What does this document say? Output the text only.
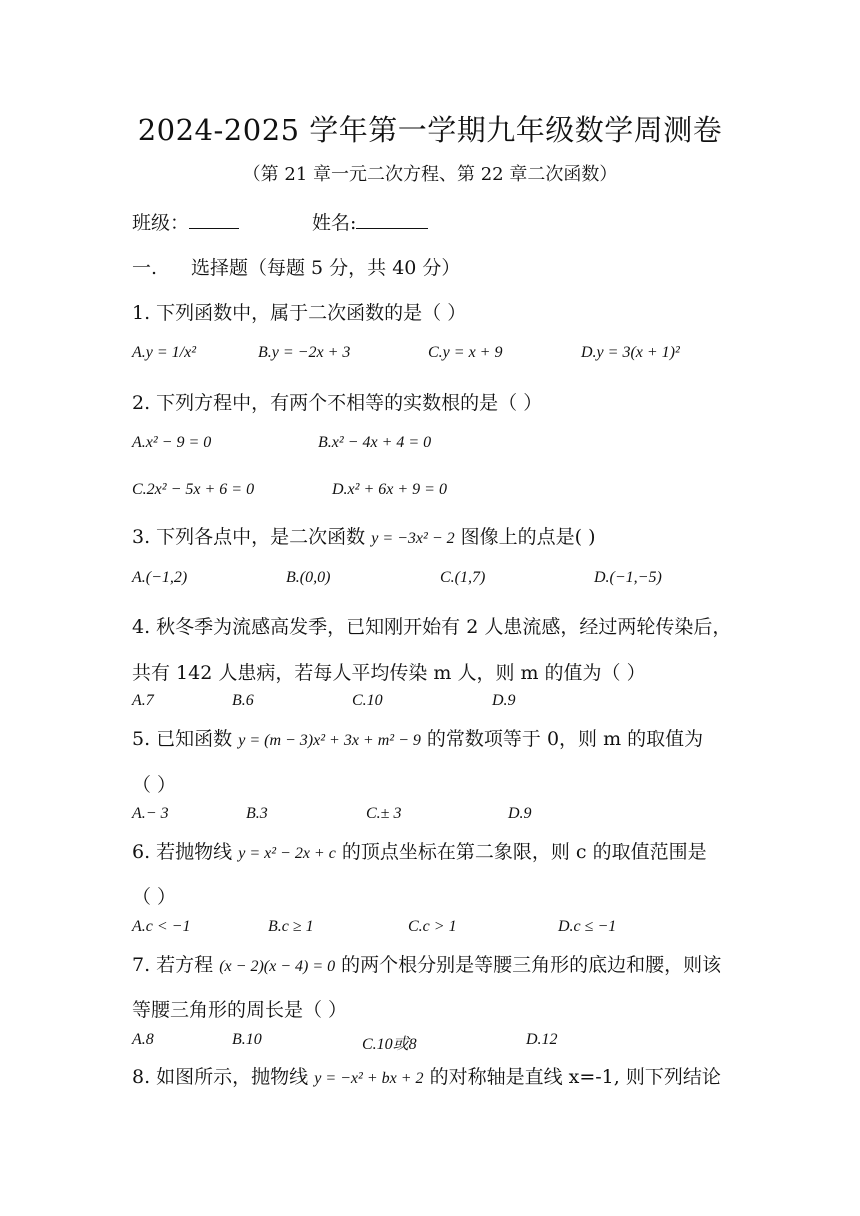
2024-2025 学年第一学期九年级数学周测卷
（第 21 章一元二次方程、第 22 章二次函数）
班级：	姓名:
一. 选择题（每题 5 分，共 40 分）
1. 下列函数中，属于二次函数的是（ ）
A.y = 1/x²	B.y = −2x + 3	C.y = x + 9	D.y = 3(x + 1)²
2. 下列方程中，有两个不相等的实数根的是（ ）
A.x² − 9 = 0	B.x² − 4x + 4 = 0
C.2x² − 5x + 6 = 0	D.x² + 6x + 9 = 0
3. 下列各点中，是二次函数 y = −3x² − 2 图像上的点是( )
A.(−1,2)	B.(0,0)	C.(1,7)	D.(−1,−5)
4. 秋冬季为流感高发季，已知刚开始有 2 人患流感，经过两轮传染后，
共有 142 人患病，若每人平均传染 m 人，则 m 的值为（ ）
A.7	B.6	C.10	D.9
5. 已知函数 y = (m − 3)x² + 3x + m² − 9 的常数项等于 0，则 m 的取值为
（ ）
A.− 3	B.3	C.± 3	D.9
6. 若抛物线 y = x² − 2x + c 的顶点坐标在第二象限，则 c 的取值范围是
（ ）
A.c < −1	B.c ≥ 1	C.c > 1	D.c ≤ −1
7. 若方程 (x − 2)(x − 4) = 0 的两个根分别是等腰三角形的底边和腰，则该
等腰三角形的周长是（ ）
A.8	B.10	C.10或8	D.12
8. 如图所示，抛物线 y = −x² + bx + 2 的对称轴是直线 x=-1, 则下列结论
